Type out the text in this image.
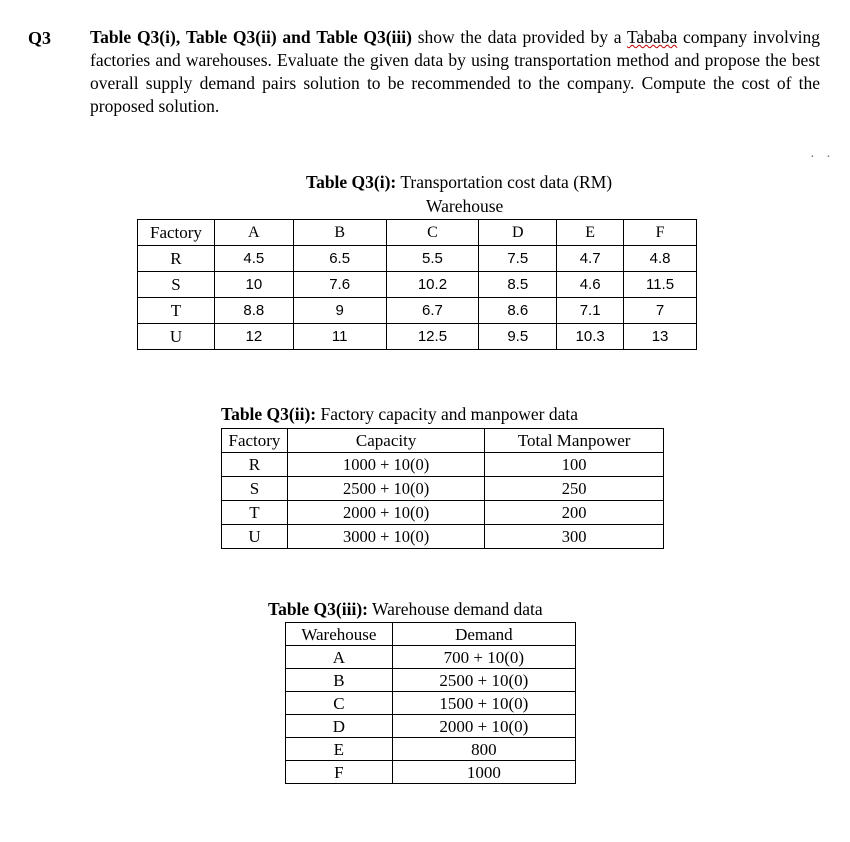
Q3 Table Q3(i), Table Q3(ii) and Table Q3(iii) show the data provided by a Tababa company involving factories and warehouses. Evaluate the given data by using transportation method and propose the best overall supply demand pairs solution to be recommended to the company. Compute the cost of the proposed solution.
· ·
Table Q3(i): Transportation cost data (RM)
Warehouse
Factory	A	B	C	D	E	F
R	4.5	6.5	5.5	7.5	4.7	4.8
S	10	7.6	10.2	8.5	4.6	11.5
T	8.8	9	6.7	8.6	7.1	7
U	12	11	12.5	9.5	10.3	13
Table Q3(ii): Factory capacity and manpower data
Factory	Capacity	Total Manpower
R	1000 + 10(0)	100
S	2500 + 10(0)	250
T	2000 + 10(0)	200
U	3000 + 10(0)	300
Table Q3(iii): Warehouse demand data
Warehouse	Demand
A	700 + 10(0)
B	2500 + 10(0)
C	1500 + 10(0)
D	2000 + 10(0)
E	800
F	1000
